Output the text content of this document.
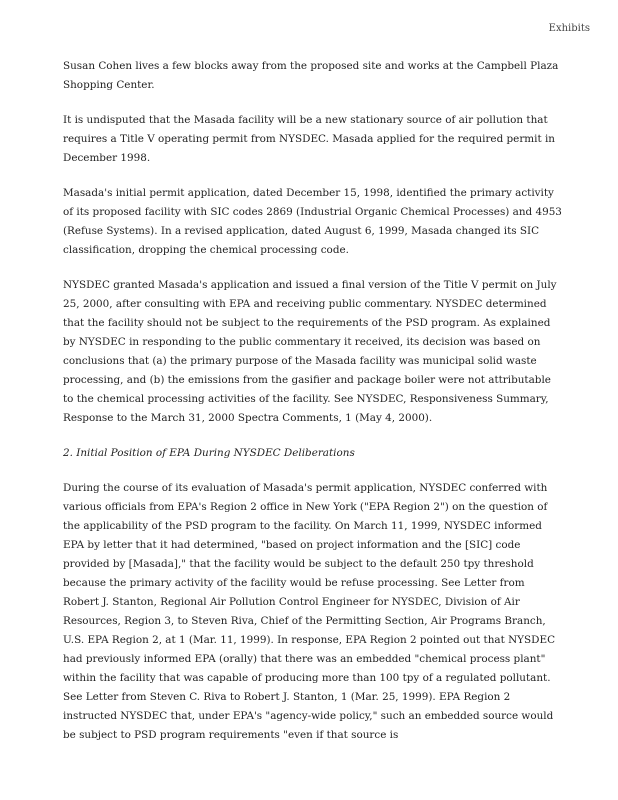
Exhibits

Susan Cohen lives a few blocks away from the proposed site and works at the Campbell Plaza Shopping Center.

It is undisputed that the Masada facility will be a new stationary source of air pollution that requires a Title V operating permit from NYSDEC. Masada applied for the required permit in December 1998.

Masada's initial permit application, dated December 15, 1998, identified the primary activity of its proposed facility with SIC codes 2869 (Industrial Organic Chemical Processes) and 4953 (Refuse Systems). In a revised application, dated August 6, 1999, Masada changed its SIC classification, dropping the chemical processing code.

NYSDEC granted Masada's application and issued a final version of the Title V permit on July 25, 2000, after consulting with EPA and receiving public commentary. NYSDEC determined that the facility should not be subject to the requirements of the PSD program. As explained by NYSDEC in responding to the public commentary it received, its decision was based on conclusions that (a) the primary purpose of the Masada facility was municipal solid waste processing, and (b) the emissions from the gasifier and package boiler were not attributable to the chemical processing activities of the facility. See NYSDEC, Responsiveness Summary, Response to the March 31, 2000 Spectra Comments, 1 (May 4, 2000).

2. Initial Position of EPA During NYSDEC Deliberations

During the course of its evaluation of Masada's permit application, NYSDEC conferred with various officials from EPA's Region 2 office in New York ("EPA Region 2") on the question of the applicability of the PSD program to the facility. On March 11, 1999, NYSDEC informed EPA by letter that it had determined, "based on project information and the [SIC] code provided by [Masada]," that the facility would be subject to the default 250 tpy threshold because the primary activity of the facility would be refuse processing. See Letter from Robert J. Stanton, Regional Air Pollution Control Engineer for NYSDEC, Division of Air Resources, Region 3, to Steven Riva, Chief of the Permitting Section, Air Programs Branch, U.S. EPA Region 2, at 1 (Mar. 11, 1999). In response, EPA Region 2 pointed out that NYSDEC had previously informed EPA (orally) that there was an embedded "chemical process plant" within the facility that was capable of producing more than 100 tpy of a regulated pollutant. See Letter from Steven C. Riva to Robert J. Stanton, 1 (Mar. 25, 1999). EPA Region 2 instructed NYSDEC that, under EPA's "agency-wide policy," such an embedded source would be subject to PSD program requirements "even if that source is
